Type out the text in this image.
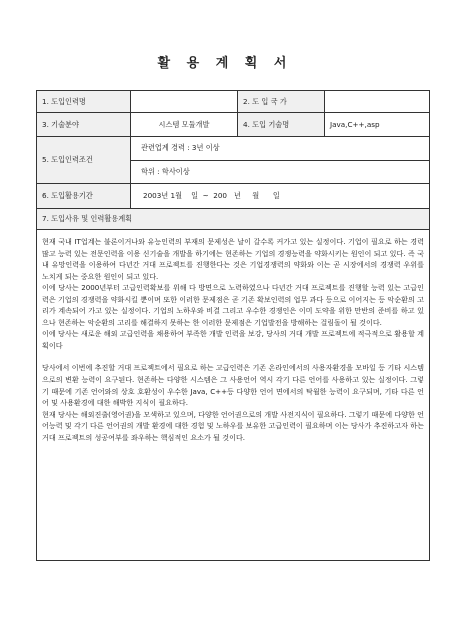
활 용 계 획 서
1. 도입인력명	2. 도 입 국 가
3. 기술분야	시스템 모듈개발	4. 도입 기술명	Java,C++,asp
5. 도입인력조건
관련업계 경력 : 3년 이상
학위 : 학사이상
6. 도입활용기간	2003년 1월    일  ~  200   년     월      일
7. 도입사유 및 인력활용계획

현재 국내 IT업계는 불론이거나와 유능인력의 부재의 문제성은 날이 갈수록 커가고 있는 실정이다. 기업이 필요로 하는 경력 많고 능력 있는 전문인력을 이용 신기술을 개발을 하기에는 현존하는 기업의 경쟁능력을 약화시키는 원인이 되고 있다. 즉 국내 유망인력을 이용하여 다년간 거대 프로젝트를 진행한다는 것은 기업경쟁력의 약화와 이는 곧 시장에서의 경쟁력 우위를 노치게 되는 중요한 원인이 되고 있다.

이에 당사는 2000년부터 고급인력확보를 위해 다 방면으로 노력하였으나 다년간 거대 프로젝트를 진행할 능력 있는 고급인력은 기업의 경쟁력을 약화시킬 뿐이며 또한 이러한 문제점은 곧 기존 확보인력의 업무 과다 등으로 이어지는 등 악순환의 고리가 계속되어 가고 있는 실정이다. 기업의 노하우와 비결 그리고 우수한 경쟁인은 이미 도약을 위한 만반의 준비를 하고 있으나 현존하는 악순환의 고리를 해결하지 못하는 한 이러한 문제점은 기업발전을 방해하는 걸림돌이 될 것이다.

이에 당사는 새로운 해외 고급인력을 채용하여 부족한 개발 인력을 보강, 당사의 거대 개발 프로젝트에 적극적으로 활용할 계획이다

당사에서 이번에 추진할 거대 프로젝트에서 필요로 하는 고급인력은 기존 온라인에서의 사용자환경을 모바일 등 기타 시스템으로의 변환 능력이 요구된다. 현존하는 다양한 시스템은 그 사용언어 역시 각기 다른 언어를 사용하고 있는 실정이다. 그렇기 때문에 기존 언어와의 상호 호환성이 우수한 Java, C++등 다양한 언어 면에서의 탁월한 능력이 요구되며, 기타 다른 언어 및 사용환경에 대한 해박한 지식이 필요하다.

현재 당사는 해외진출(영어권)을 모색하고 있으며, 다양한 언어권으로의 개발 사전지식이 필요하다. 그렇기 때문에 다양한 언어능력 및 각기 다른 언어권의 개발 환경에 대한 경험 및 노하우를 보유한 고급인력이 필요하며 이는 당사가 추진하고자 하는 거대 프로젝트의 성공여부를 좌우하는 핵심적인 요소가 될 것이다.
